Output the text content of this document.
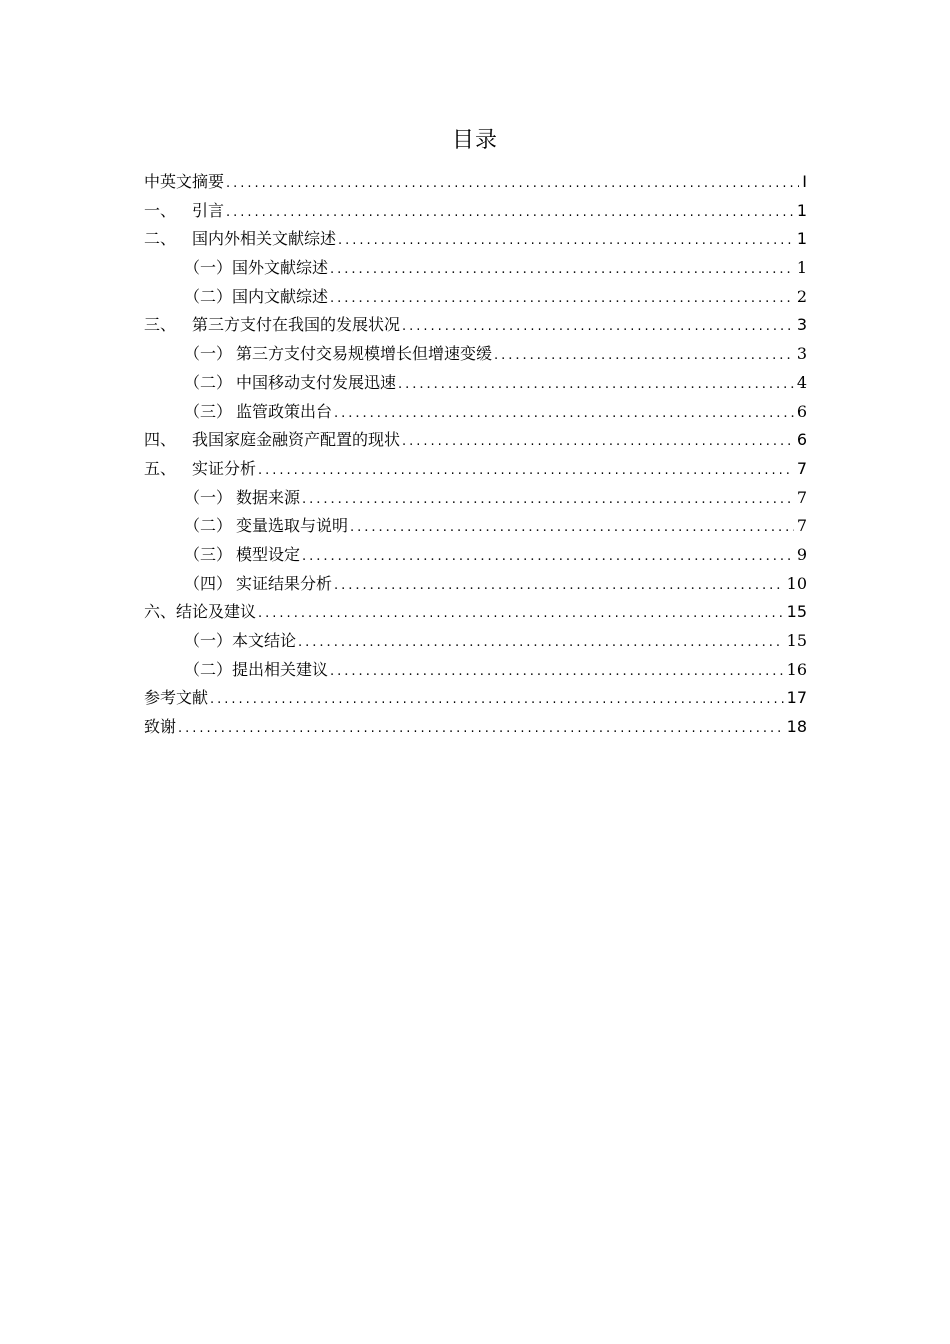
目录
中英文摘要 .....	I
一、 引言 .....	1
二、 国内外相关文献综述 .....	1
（一） 国外文献综述 .....	1
（二） 国内文献综述 .....	2
三、 第三方支付在我国的发展状况 .....	3
（一） 第三方支付交易规模增长但增速变缓 .....	3
（二） 中国移动支付发展迅速 .....	4
（三） 监管政策出台 .....	6
四、 我国家庭金融资产配置的现状 .....	6
五、 实证分析 .....	7
（一） 数据来源 .....	7
（二） 变量选取与说明 .....	7
（三） 模型设定 .....	9
（四） 实证结果分析 .....	10
六、 结论及建议 .....	15
（一） 本文结论 .....	15
（二） 提出相关建议 .....	16
参考文献 .....	17
致谢 .....	18
